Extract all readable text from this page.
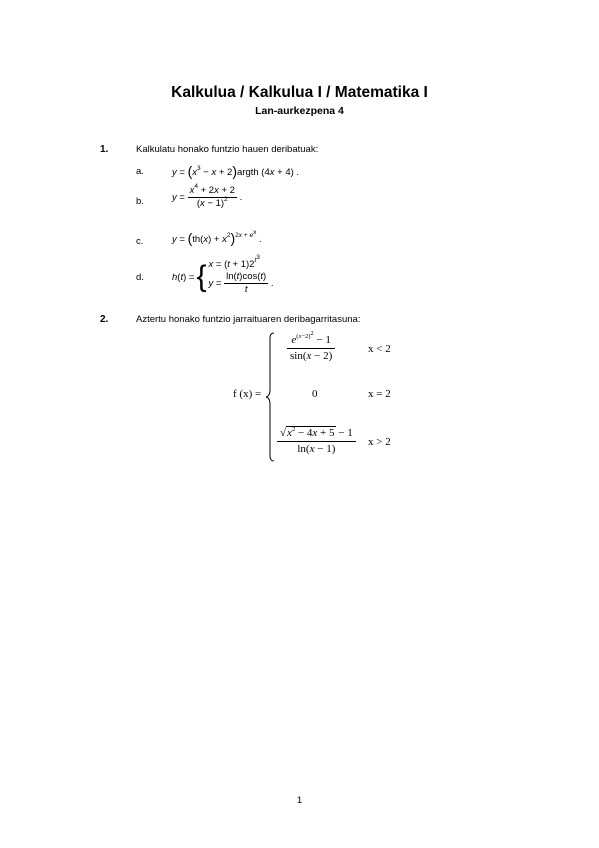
Kalkulua / Kalkulua I / Matematika I
Lan-aurkezpena 4
1.	Kalkulatu honako funtzio hauen deribatuak:
a.	$y = (x^3 - x$ + 2)argth (4x + 4) .
b.	$y = \frac{x^4 + 2x + 2}{(x - 1)^2}$ .
c.	$y = (th(x) + x^2)^{2x + e^x}$ .
d.	h(t) = { $x = (t + 1)2^{t^3}$
$y = \frac{\ln(t)\cos(t)}{t}$ .
2.	Aztertu honako funtzio jarraituaren deribagarritasuna:
f (x) =
$\frac{e^{(x-2)^2} - 1}{\sin(x - 2)}$	x < 2
0	x = 2
$\frac{√x^2 - 4x + 5 - 1}{\ln(x - 1)}$ x > 2
1
